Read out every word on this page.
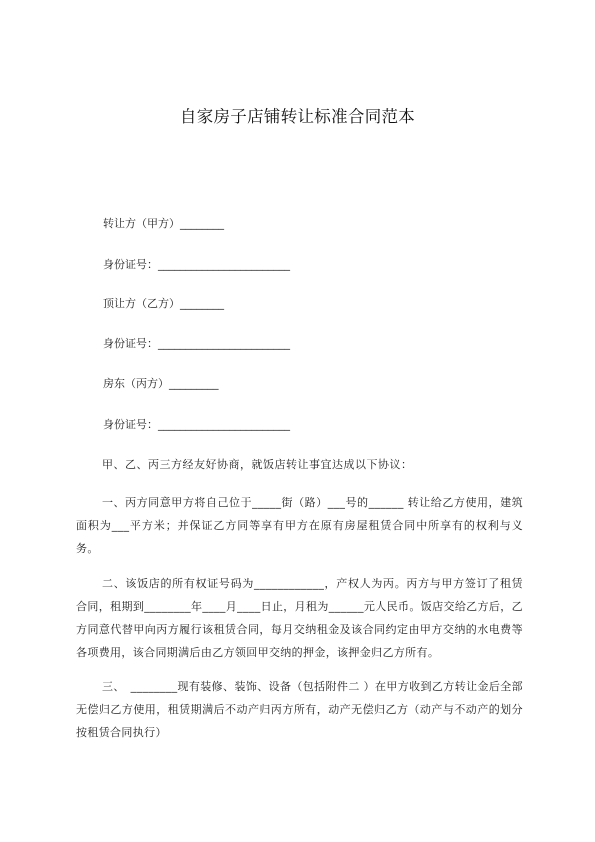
自家房子店铺转让标准合同范本
转让方（甲方）________
身份证号：________________________
顶让方（乙方）________
身份证号：________________________
房东（丙方）_________
身份证号：________________________
甲、乙、丙三方经友好协商，就饭店转让事宜达成以下协议：
一、丙方同意甲方将自己位于_____街（路）___号的______ 转让给乙方使用，建筑面积为___平方米；并保证乙方同等享有甲方在原有房屋租赁合同中所享有的权利与义务。
二、该饭店的所有权证号码为____________，产权人为丙。丙方与甲方签订了租赁合同，租期到________年____月____日止，月租为______元人民币。饭店交给乙方后，乙方同意代替甲向丙方履行该租赁合同，每月交纳租金及该合同约定由甲方交纳的水电费等各项费用，该合同期满后由乙方领回甲交纳的押金，该押金归乙方所有。
三、　________现有装修、装饰、设备（包括附件二 ）在甲方收到乙方转让金后全部无偿归乙方使用，租赁期满后不动产归丙方所有，动产无偿归乙方（动产与不动产的划分按租赁合同执行）
